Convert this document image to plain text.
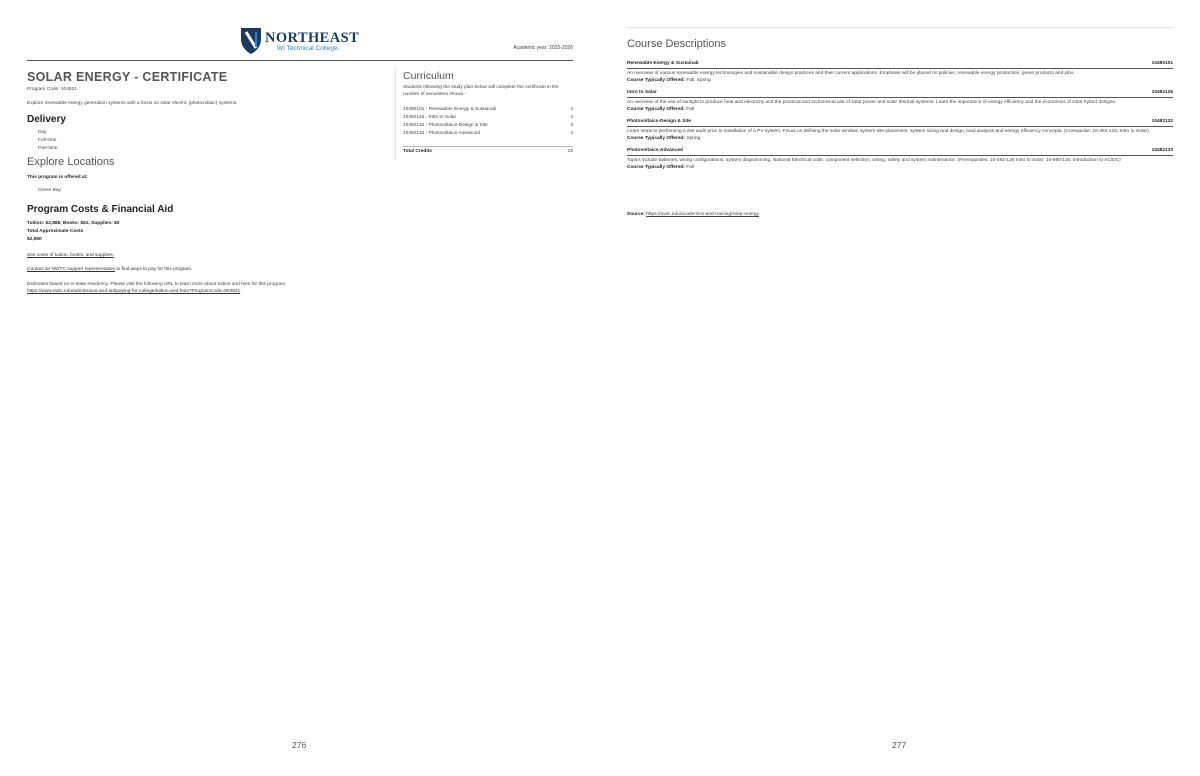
NORTHEAST
WI Technical College.	Academic year: 2025-2026
SOLAR ENERGY - CERTIFICATE
Program Code: 104821
Explore renewable energy generation systems with a focus on solar electric (photovoltaic) systems.
Delivery
Day
Full-time
Part-time
Explore Locations
This program is offered at:
Green Bay
Program Costs & Financial Aid
Tuition: $2,888, Books: $62, Supplies: $0
Total Approximate Costs
$2,950
See costs of tuition, books, and supplies.
Contact an NWTC support representative to find ways to pay for this program.
Estimates based on in-state residency. Please visit the following URL to learn more about tuition and fees for this program.
https://www.nwtc.edu/admissions-and-aid/paying-for-college/tuition-and-fees?ProgramCode=904821
Curriculum
Students following the study plan below will complete the certificate in the number of semesters shown.
10480101 - Renewable Energy & Sustainab	4
10482126 - Intro to Solar	4
10482132 - Photovoltaics-Design & Site	3
10482133 - Photovoltaics-Advanced	4
Total Credits	15
276
Course Descriptions
Renewable Energy & Sustainab	10480101
An overview of various renewable energy technologies and sustainable design practices and their current applications. Emphasis will be placed on policies, renewable energy production, green products and jobs.
Course Typically Offered: Fall, Spring
Intro to Solar	10482126
An overview of the use of sunlight to produce heat and electricity and the practical and economical use of solar power and solar thermal systems. Learn the importance of energy efficiency and the economics of solar hybrid designs.
Course Typically Offered: Fall
Photovoltaics-Design & Site	10482132
Learn steps to performing a site audit prior to installation of a PV system. Focus on defining the solar window, system site placement, system sizing and design, load analysis and energy efficiency concepts. (Corequisite: 10-482-126, Intro to Solar)
Course Typically Offered: Spring
Photovoltaics-Advanced	10482133
Topics include batteries, wiring configurations, system diagramming, National Electrical code, component selection, wiring, safety and system maintenance. (Prerequisites: 10-482-126 Intro to Solar; 10-660-116, Introduction to AC/DC)
Course Typically Offered: Fall
Source: https://nwtc.edu/academics-and-training/solar-energy
277
